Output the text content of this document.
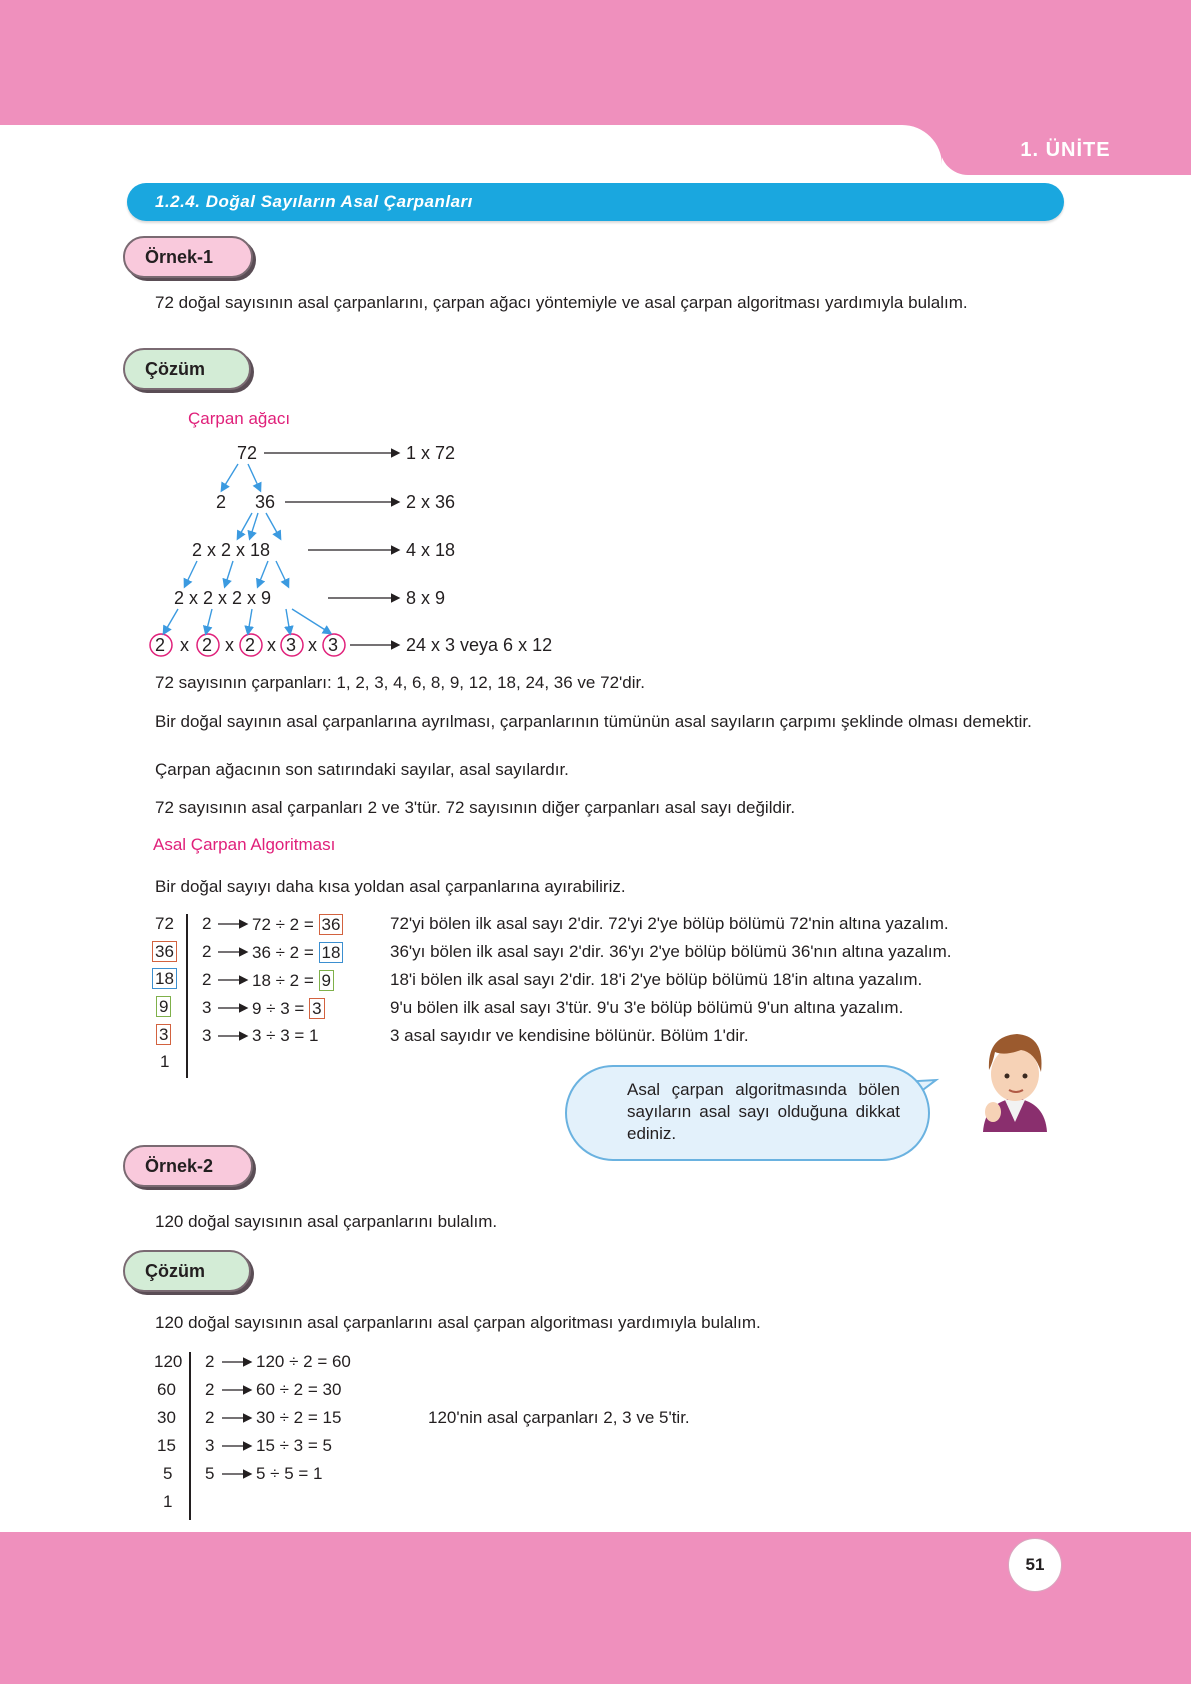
1. ÜNİTE
1.2.4. Doğal Sayıların Asal Çarpanları
Örnek-1
72 doğal sayısının asal çarpanlarını, çarpan ağacı yöntemiyle ve asal çarpan algoritması yardımıyla bulalım.
Çözüm
Çarpan ağacı
72
2 36
2 x 2 x 18
2 x 2 x 2 x 9
2 x 2 x 2 x 3 x 3
1 x 72
2 x 36
4 x 18
8 x 9
24 x 3 veya 6 x 12
72 sayısının çarpanları: 1, 2, 3, 4, 6, 8, 9, 12, 18, 24, 36 ve 72'dir.
Bir doğal sayının asal çarpanlarına ayrılması, çarpanlarının tümünün asal sayıların çarpımı şeklinde olması demektir.
Çarpan ağacının son satırındaki sayılar, asal sayılardır.
72 sayısının asal çarpanları 2 ve 3'tür. 72 sayısının diğer çarpanları asal sayı değildir.
Asal Çarpan Algoritması
Bir doğal sayıyı daha kısa yoldan asal çarpanlarına ayırabiliriz.
72
36
18
9
3
1
2
2
2
3
3
72 ÷ 2 = 36
36 ÷ 2 = 18
18 ÷ 2 = 9
9 ÷ 3 = 3
3 ÷ 3 = 1
72'yi bölen ilk asal sayı 2'dir. 72'yi 2'ye bölüp bölümü 72'nin altına yazalım.
36'yı bölen ilk asal sayı 2'dir. 36'yı 2'ye bölüp bölümü 36'nın altına yazalım.
18'i bölen ilk asal sayı 2'dir. 18'i 2'ye bölüp bölümü 18'in altına yazalım.
9'u bölen ilk asal sayı 3'tür. 9'u 3'e bölüp bölümü 9'un altına yazalım.
3 asal sayıdır ve kendisine bölünür. Bölüm 1'dir.
Asal çarpan algoritmasında bölen sayıların asal sayı olduğuna dikkat ediniz.
Örnek-2
120 doğal sayısının asal çarpanlarını bulalım.
Çözüm
120 doğal sayısının asal çarpanlarını asal çarpan algoritması yardımıyla bulalım.
120
60
30
15
5
1
2
2
2
3
5
120 ÷ 2 = 60
60 ÷ 2 = 30
30 ÷ 2 = 15
15 ÷ 3 = 5
5 ÷ 5 = 1
120'nin asal çarpanları 2, 3 ve 5'tir.
51
